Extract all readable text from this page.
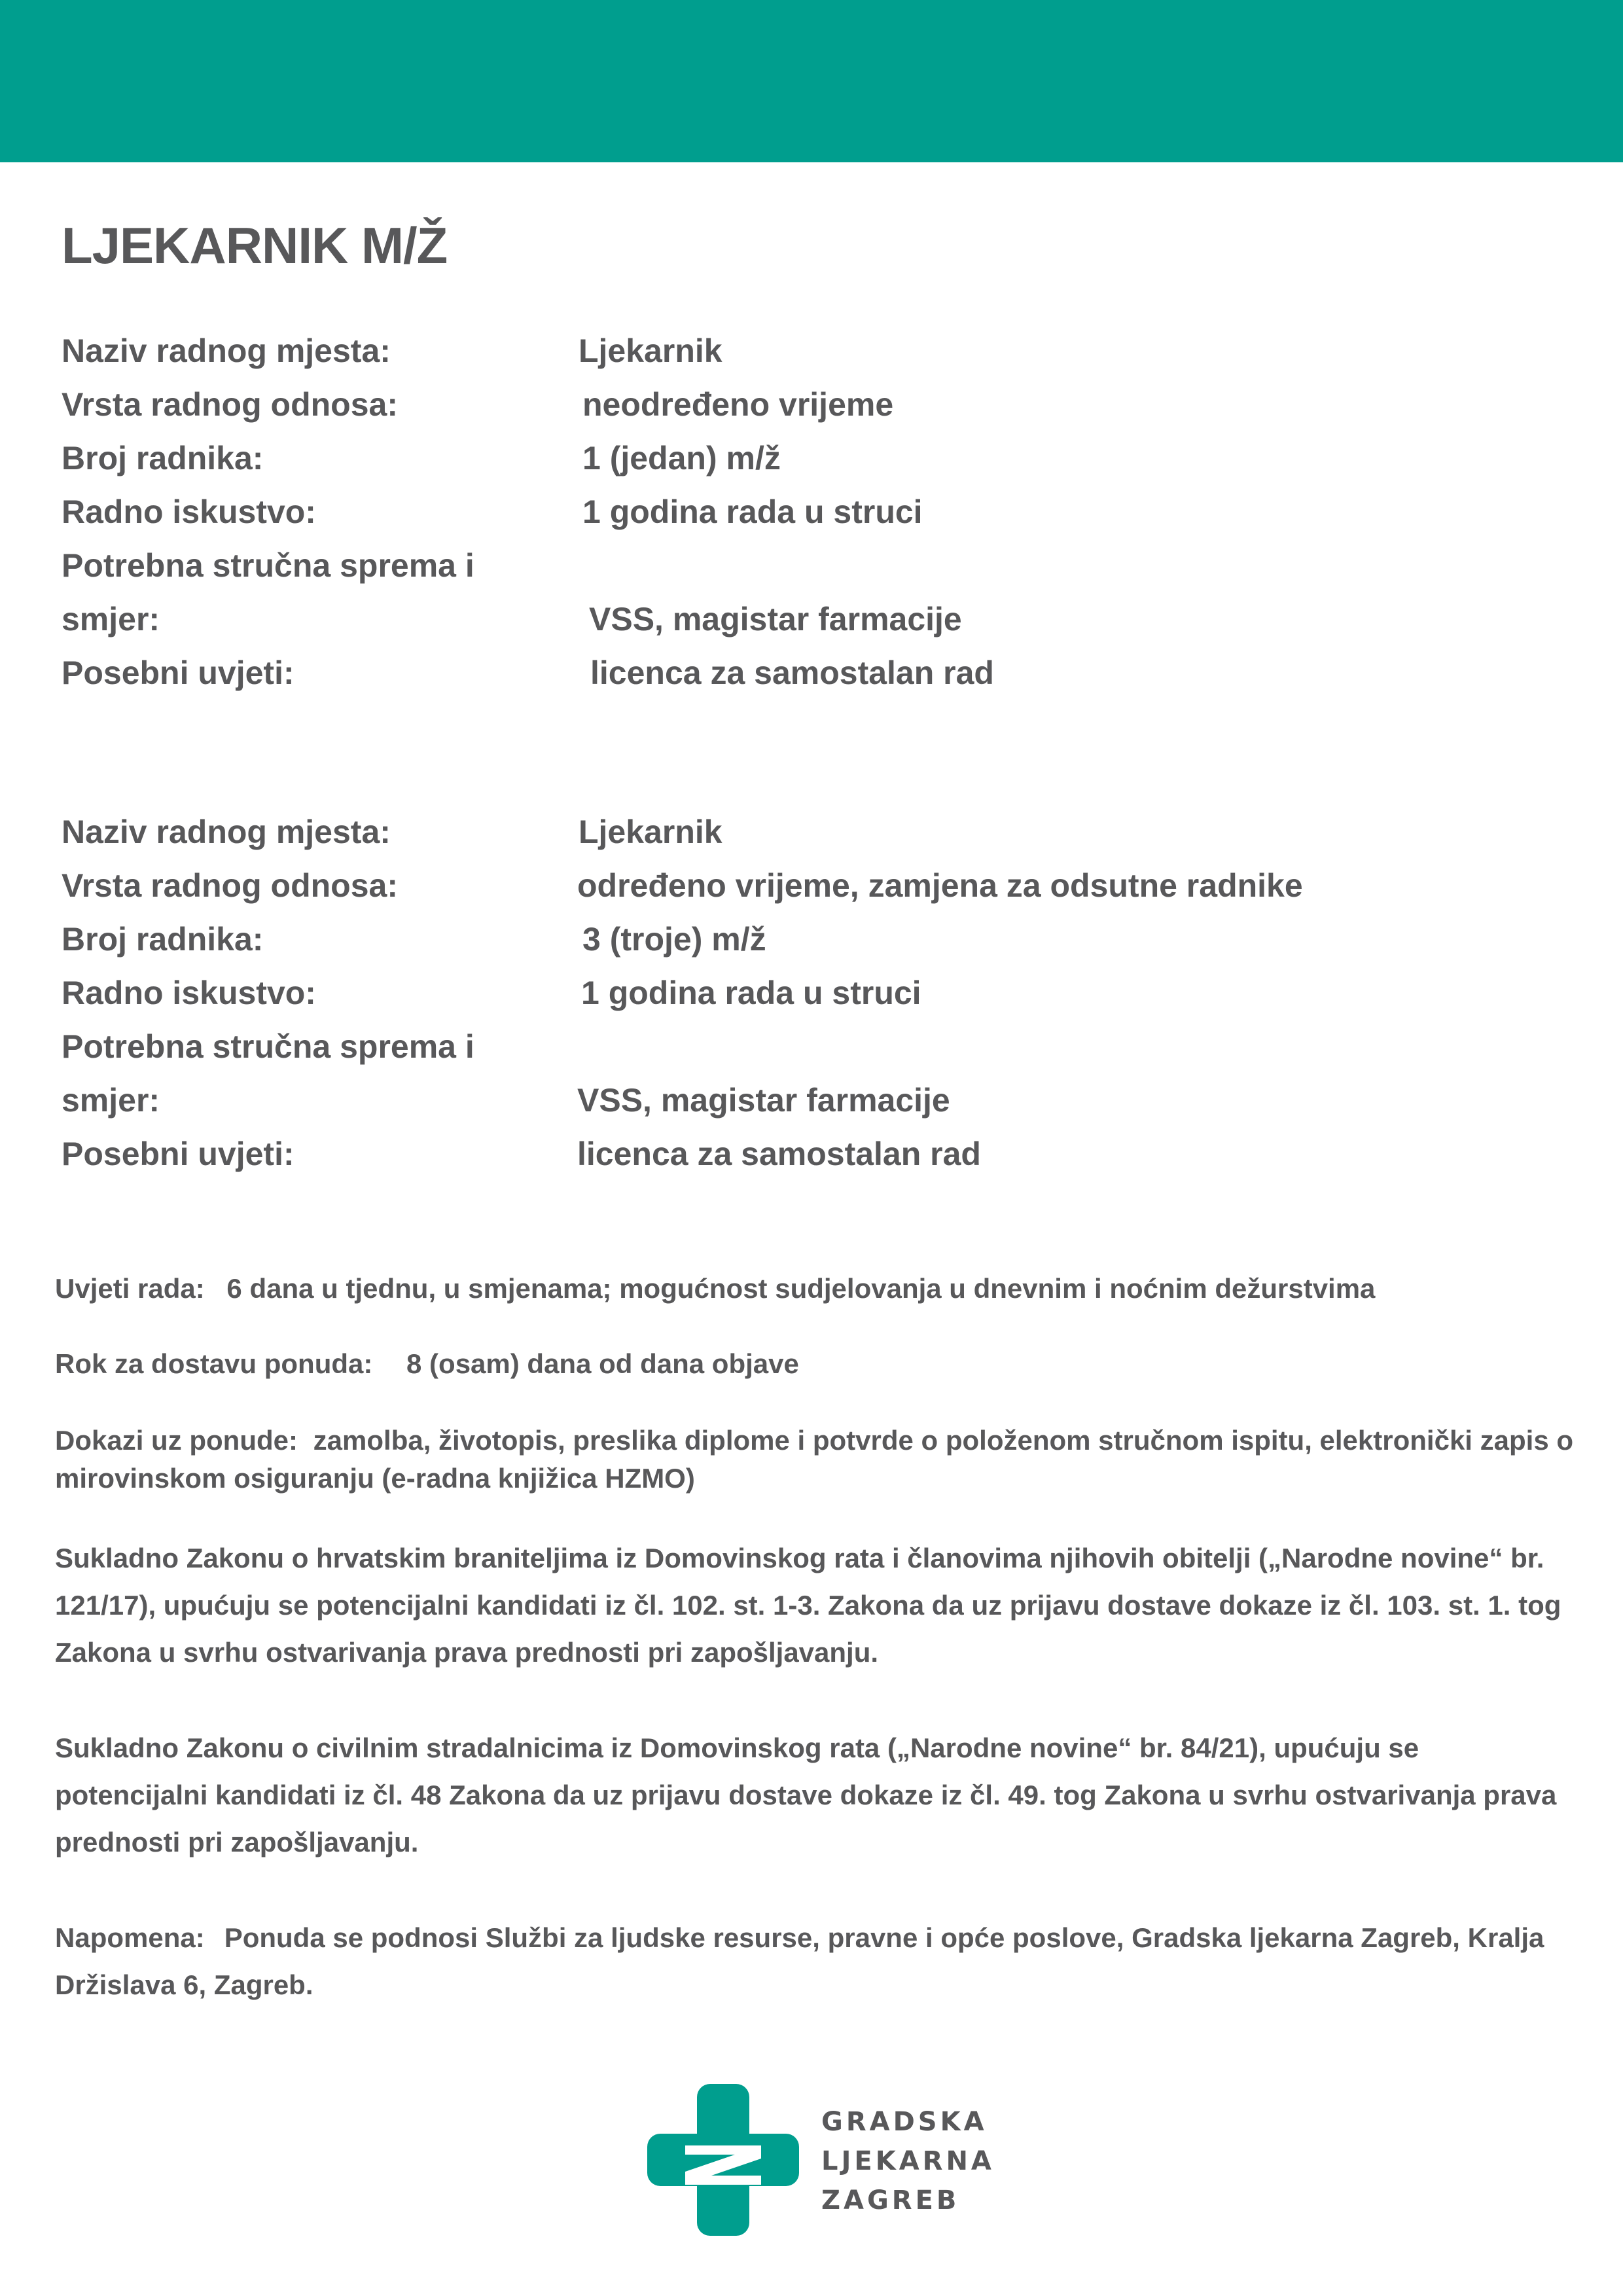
LJEKARNIK M/Ž
Naziv radnog mjesta:	Ljekarnik
Vrsta radnog odnosa:	neodređeno vrijeme
Broj radnika:	1 (jedan) m/ž
Radno iskustvo:	1 godina rada u struci
Potrebna stručna sprema i
smjer:	VSS, magistar farmacije
Posebni uvjeti:	licenca za samostalan rad
Naziv radnog mjesta:	Ljekarnik
Vrsta radnog odnosa:	određeno vrijeme, zamjena za odsutne radnike
Broj radnika:	3 (troje) m/ž
Radno iskustvo:	1 godina rada u struci
Potrebna stručna sprema i
smjer:	VSS, magistar farmacije
Posebni uvjeti:	licenca za samostalan rad
Uvjeti rada: 6 dana u tjednu, u smjenama; mogućnost sudjelovanja u dnevnim i noćnim dežurstvima
Rok za dostavu ponuda: 8 (osam) dana od dana objave
Dokazi uz ponude: zamolba, životopis, preslika diplome i potvrde o položenom stručnom ispitu, elektronički zapis o mirovinskom osiguranju (e-radna knjižica HZMO)

Sukladno Zakonu o hrvatskim braniteljima iz Domovinskog rata i članovima njihovih obitelji („Narodne novine“ br. 121/17), upućuju se potencijalni kandidati iz čl. 102. st. 1-3. Zakona da uz prijavu dostave dokaze iz čl. 103. st. 1. tog Zakona u svrhu ostvarivanja prava prednosti pri zapošljavanju.

Sukladno Zakonu o civilnim stradalnicima iz Domovinskog rata („Narodne novine“ br. 84/21), upućuju se potencijalni kandidati iz čl. 48 Zakona da uz prijavu dostave dokaze iz čl. 49. tog Zakona u svrhu ostvarivanja prava prednosti pri zapošljavanju.

Napomena: Ponuda se podnosi Službi za ljudske resurse, pravne i opće poslove, Gradska ljekarna Zagreb, Kralja Držislava 6, Zagreb.

GRADSKA
LJEKARNA
ZAGREB
